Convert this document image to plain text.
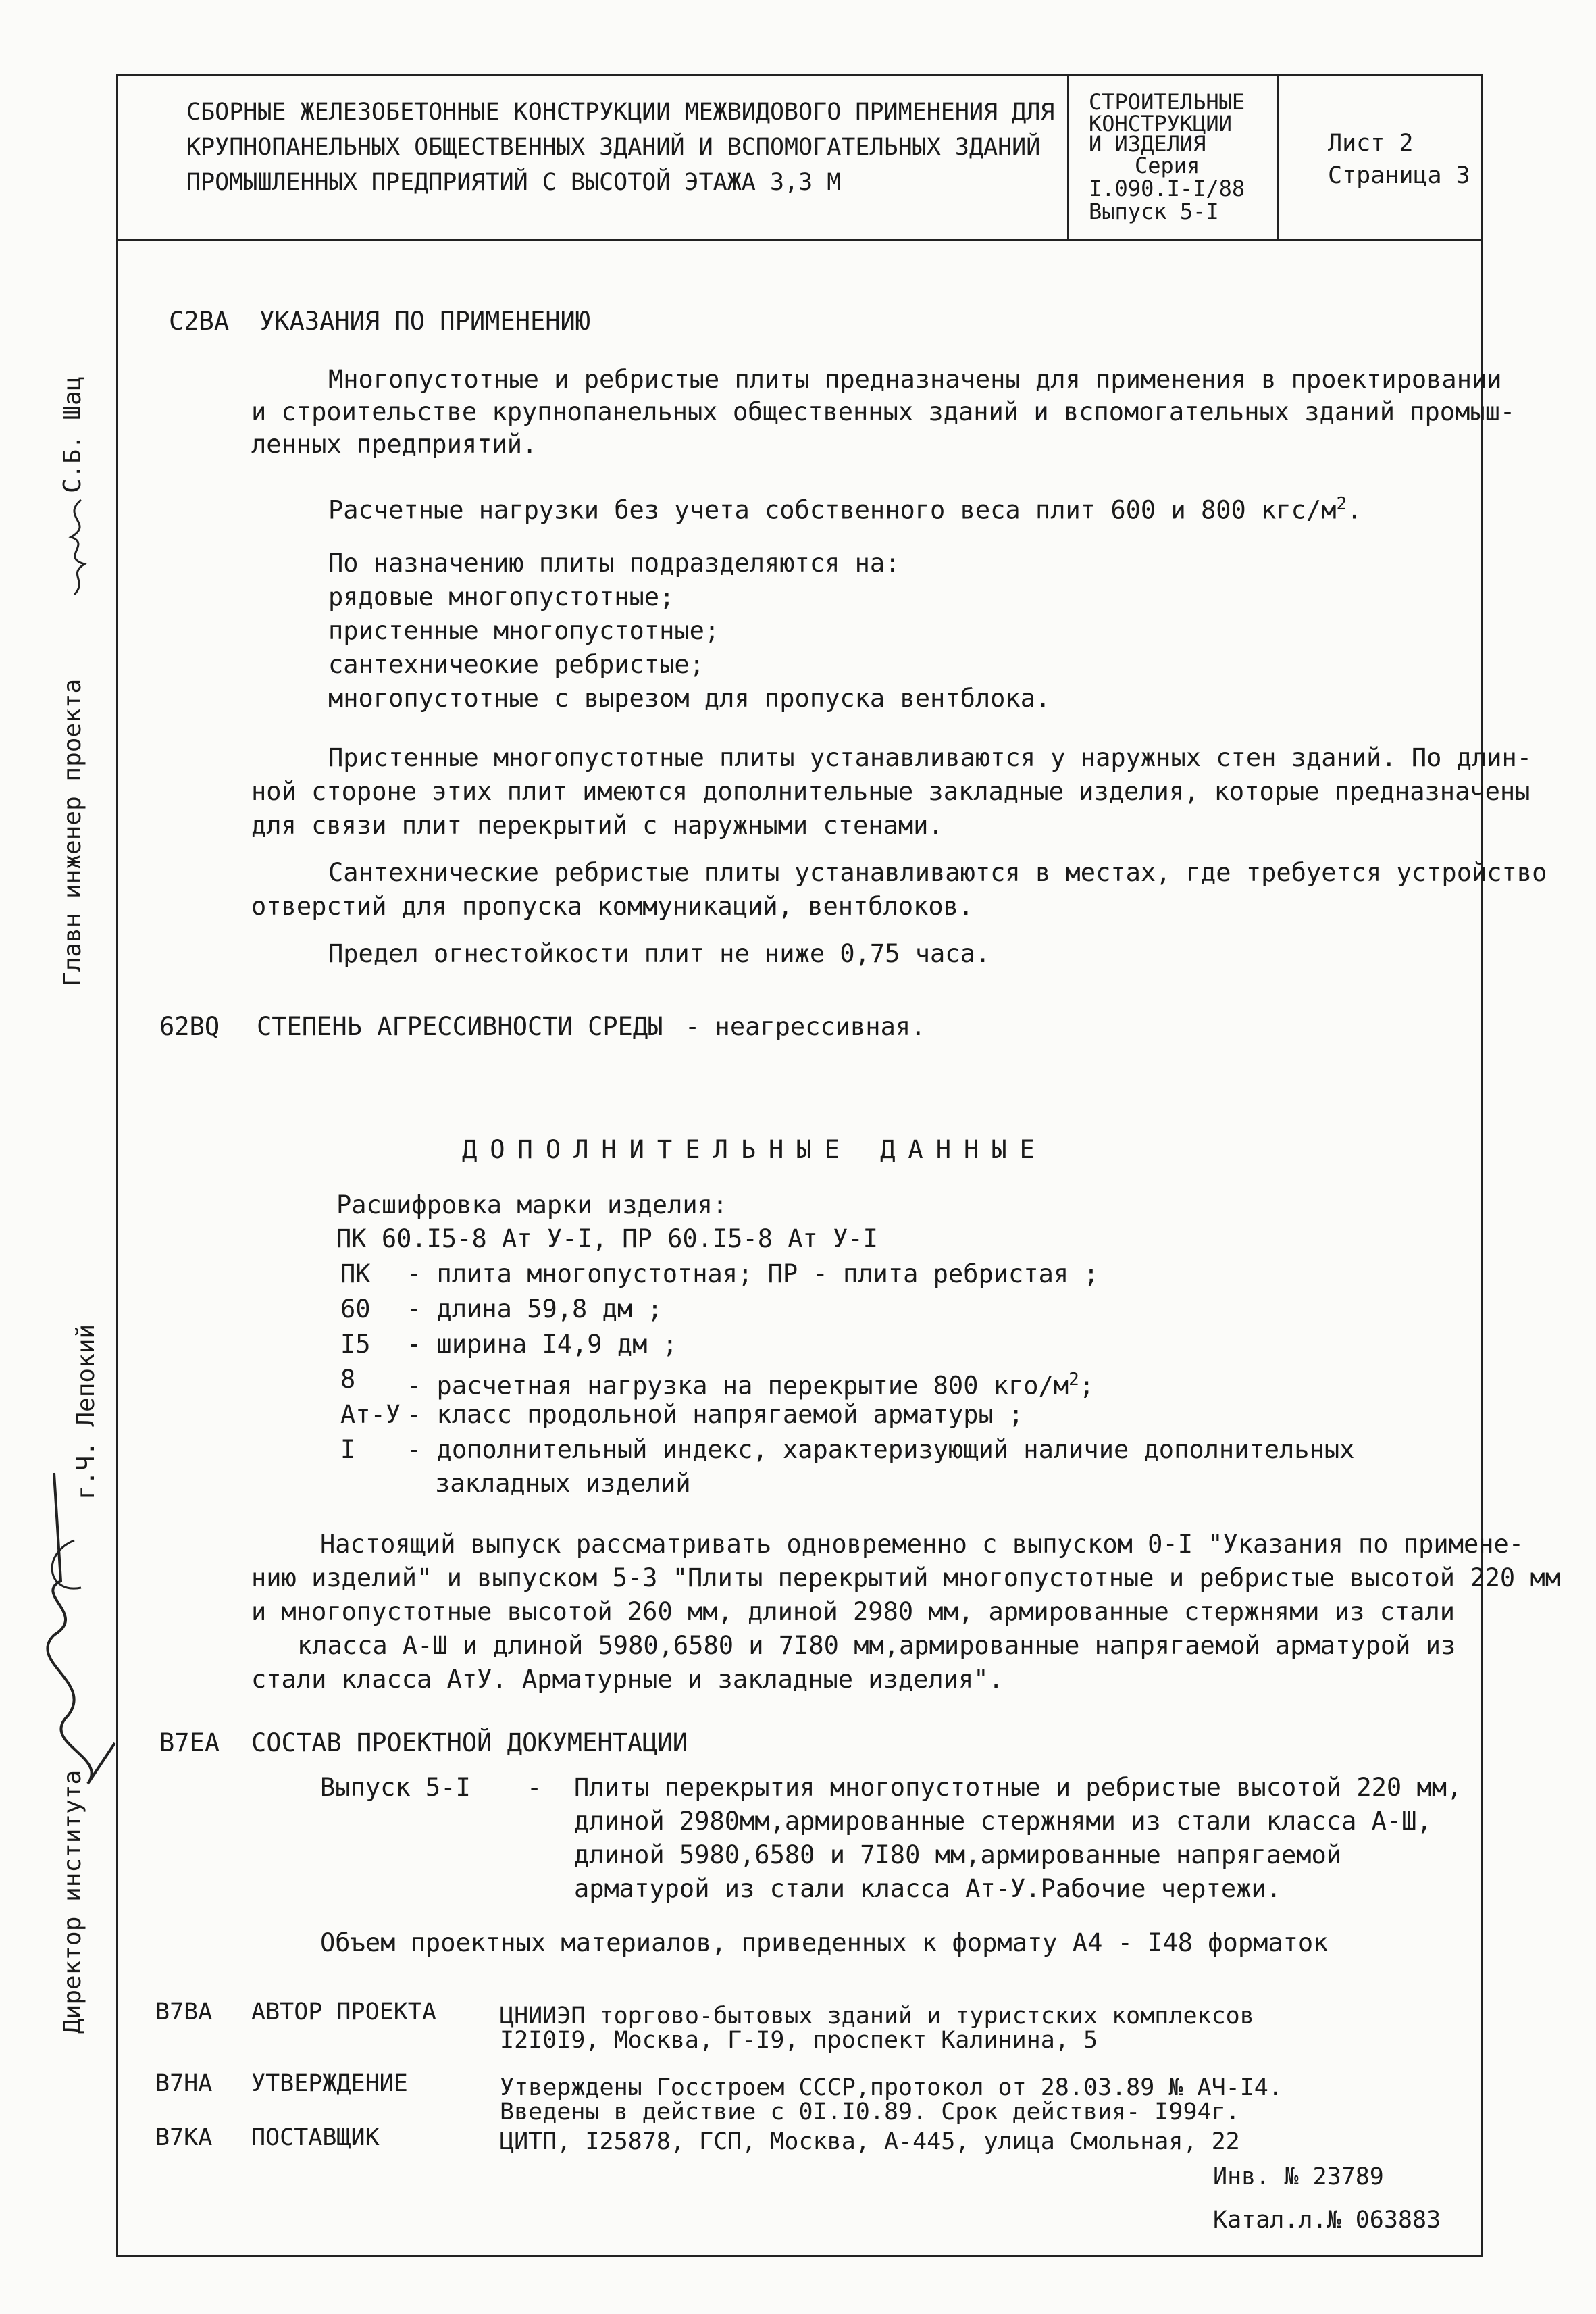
СБОРНЫЕ ЖЕЛЕЗОБЕТОННЫЕ КОНСТРУКЦИИ МЕЖВИДОВОГО ПРИМЕНЕНИЯ ДЛЯ
КРУПНОПАНЕЛЬНЫХ ОБЩЕСТВЕННЫХ ЗДАНИЙ И ВСПОМОГАТЕЛЬНЫХ ЗДАНИЙ
ПРОМЫШЛЕННЫХ ПРЕДПРИЯТИЙ С ВЫСОТОЙ ЭТАЖА 3,3 М
СТРОИТЕЛЬНЫЕ
КОНСТРУКЦИИ
И ИЗДЕЛИЯ
Серия
I.090.I-I/88
Выпуск 5-I
Лист 2
Страница 3
Главн инженер проекта
С.Б. Шац
Директор института
г.Ч. Лепокий
С2ВА УКАЗАНИЯ ПО ПРИМЕНЕНИЮ
Многопустотные и ребристые плиты предназначены для применения в проектировании
и строительстве крупнопанельных общественных зданий и вспомогательных зданий промыш-
ленных предприятий.
Расчетные нагрузки без учета собственного веса плит 600 и 800 кгс/$м^2$.
По назначению плиты подразделяются на:
рядовые многопустотные;
пристенные многопустотные;
сантехничеокие ребристые;
многопустотные с вырезом для пропуска вентблока.
Пристенные многопустотные плиты устанавливаются у наружных стен зданий. По длин-
ной стороне этих плит имеются дополнительные закладные изделия, которые предназначены
для связи плит перекрытий с наружными стенами.
Сантехнические ребристые плиты устанавливаются в местах, где требуется устройство
отверстий для пропуска коммуникаций, вентблоков.
Предел огнестойкости плит не ниже 0,75 часа.
62BQ СТЕПЕНЬ АГРЕССИВНОСТИ СРЕДЫ - неагрессивная.
ДОПОЛНИТЕЛЬНЫЕ ДАННЫЕ
Расшифровка марки изделия:
ПК 60.I5-8 Ат У-I, ПР 60.I5-8 Ат У-I
ПК - плита многопустотная; ПР - плита ребристая ;
60 - длина 59,8 дм ;
I5 - ширина I4,9 дм ;
8 - расчетная нагрузка на перекрытие 800 кго/$м^2$;
Ат-У - класс продольной напрягаемой арматуры ;
I - дополнительный индекс, характеризующий наличие дополнительных
закладных изделий
Настоящий выпуск рассматривать одновременно с выпуском 0-I "Указания по примене-
нию изделий" и выпуском 5-3 "Плиты перекрытий многопустотные и ребристые высотой 220 мм
и многопустотные высотой 260 мм, длиной 2980 мм, армированные стержнями из стали
класса А-Ш и длиной 5980,6580 и 7I80 мм,армированные напрягаемой арматурой из
стали класса АтУ. Арматурные и закладные изделия".
В7ЕА СОСТАВ ПРОЕКТНОЙ ДОКУМЕНТАЦИИ
Выпуск 5-I - Плиты перекрытия многопустотные и ребристые высотой 220 мм,
длиной 2980мм,армированные стержнями из стали класса А-Ш,
длиной 5980,6580 и 7I80 мм,армированные напрягаемой
арматурой из стали класса Ат-У.Рабочие чертежи.
Объем проектных материалов, приведенных к формату А4 - I48 форматок
В7ВА АВТОР ПРОЕКТА	ЦНИИЭП торгово-бытовых зданий и туристских комплексов
I2I0I9, Москва, Г-I9, проспект Калинина, 5
В7НА УТВЕРЖДЕНИЕ	Утверждены Госстроем СССР,протокол от 28.03.89 № АЧ-I4.
Введены в действие с 0I.I0.89. Срок действия- I994г.
В7КА ПОСТАВЩИК	ЦИТП, I25878, ГСП, Москва, А-445, улица Смольная, 22
Инв. № 23789
Катал.л.№ 063883
